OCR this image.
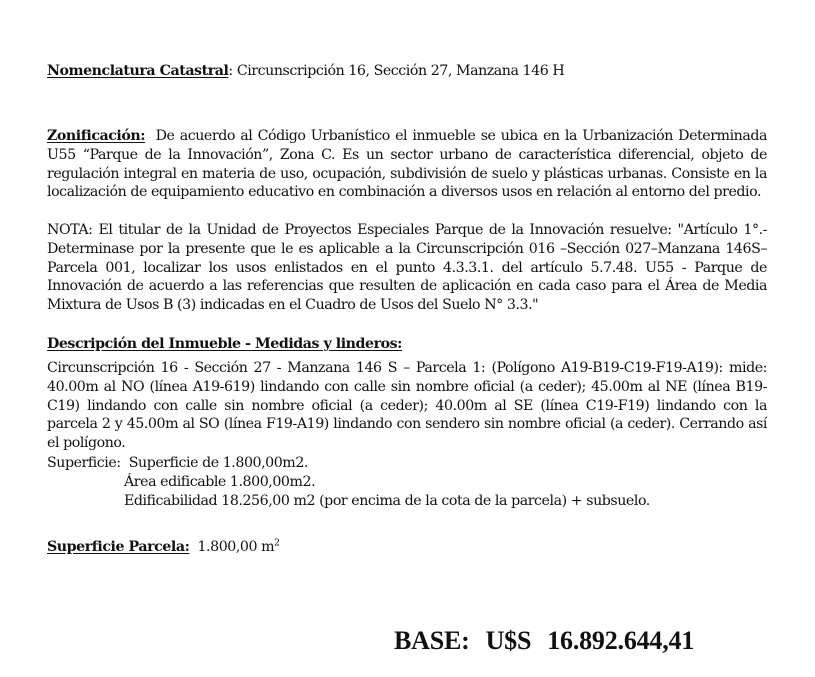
Nomenclatura Catastral: Circunscripción 16, Sección 27, Manzana 146 H
Zonificación: De acuerdo al Código Urbanístico el inmueble se ubica en la Urbanización Determinada U55 “Parque de la Innovación”, Zona C. Es un sector urbano de característica diferencial, objeto de regulación integral en materia de uso, ocupación, subdivisión de suelo y plásticas urbanas. Consiste en la localización de equipamiento educativo en combinación a diversos usos en relación al entorno del predio.
NOTA: El titular de la Unidad de Proyectos Especiales Parque de la Innovación resuelve: "Artículo 1°.- Determinase por la presente que le es aplicable a la Circunscripción 016 –Sección 027–Manzana 146S–Parcela 001, localizar los usos enlistados en el punto 4.3.3.1. del artículo 5.7.48. U55 - Parque de Innovación de acuerdo a las referencias que resulten de aplicación en cada caso para el Área de Media Mixtura de Usos B (3) indicadas en el Cuadro de Usos del Suelo N° 3.3."
Descripción del Inmueble - Medidas y linderos:
Circunscripción 16 - Sección 27 - Manzana 146 S – Parcela 1: (Polígono A19-B19-C19-F19-A19): mide: 40.00m al NO (línea A19-619) lindando con calle sin nombre oficial (a ceder); 45.00m al NE (línea B19-C19) lindando con calle sin nombre oficial (a ceder); 40.00m al SE (línea C19-F19) lindando con la parcela 2 y 45.00m al SO (línea F19-A19) lindando con sendero sin nombre oficial (a ceder). Cerrando así el polígono.
Superficie: Superficie de 1.800,00m2.
Área edificable 1.800,00m2.
Edificabilidad 18.256,00 m2 (por encima de la cota de la parcela) + subsuelo.
Superficie Parcela: 1.800,00 $m^2$
BASE: U$S 16.892.644,41
